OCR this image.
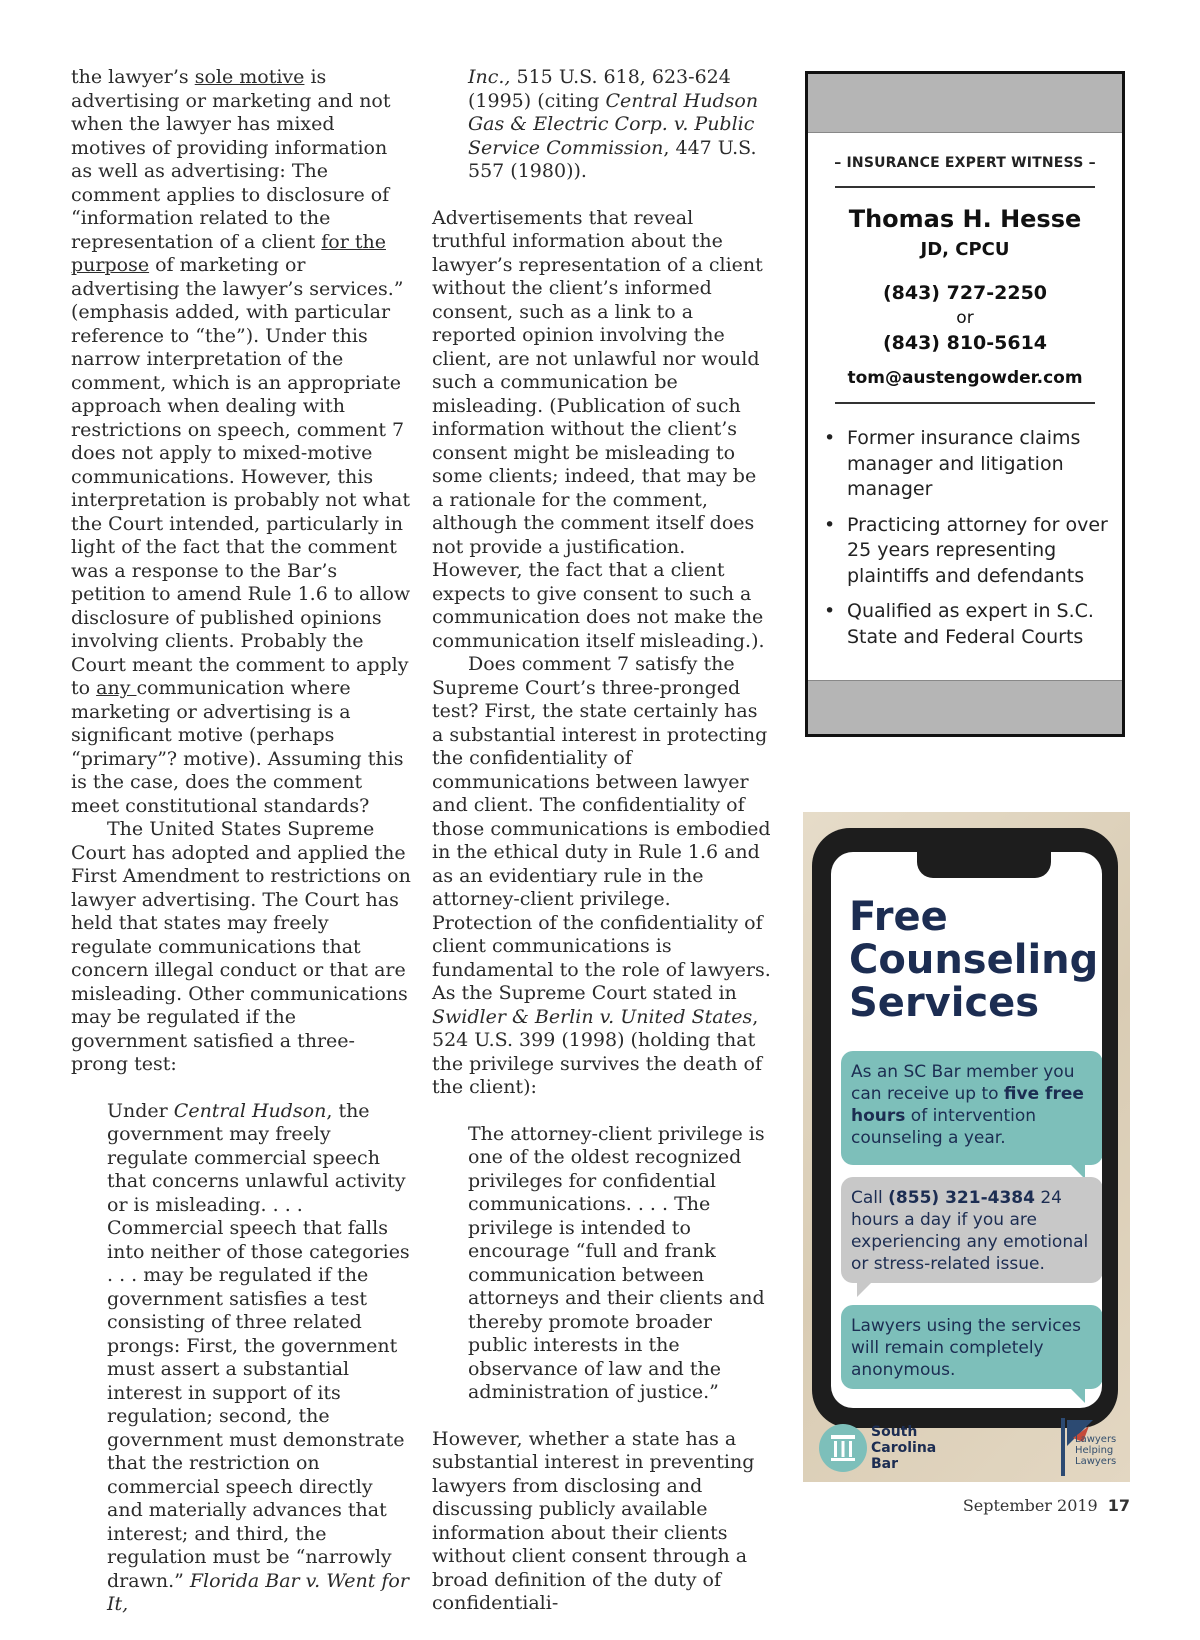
the lawyer’s sole motive is advertising or marketing and not when the lawyer has mixed motives of providing information as well as advertising: The comment applies to disclosure of “information related to the representation of a client for the purpose of marketing or advertising the lawyer’s services.” (emphasis added, with particular reference to “the”). Under this narrow interpretation of the comment, which is an appropriate approach when dealing with restrictions on speech, comment 7 does not apply to mixed-motive communications. However, this interpretation is probably not what the Court intended, particularly in light of the fact that the comment was a response to the Bar’s petition to amend Rule 1.6 to allow disclosure of published opinions involving clients. Probably the Court meant the comment to apply to any communication where marketing or advertising is a significant motive (perhaps “primary”? motive). Assuming this is the case, does the comment meet constitutional standards?

The United States Supreme Court has adopted and applied the First Amendment to restrictions on lawyer advertising. The Court has held that states may freely regulate communications that concern illegal conduct or that are misleading. Other communications may be regulated if the government satisfied a three-prong test:

Under Central Hudson, the government may freely regulate commercial speech that concerns unlawful activity or is misleading. . . . Commercial speech that falls into neither of those categories . . . may be regulated if the government satisfies a test consisting of three related prongs: First, the government must assert a substantial interest in support of its regulation; second, the government must demonstrate that the restriction on commercial speech directly and materially advances that interest; and third, the regulation must be “narrowly drawn.” Florida Bar v. Went for It,

Inc., 515 U.S. 618, 623-624 (1995) (citing Central Hudson Gas & Electric Corp. v. Public Service Commission, 447 U.S. 557 (1980)).

Advertisements that reveal truthful information about the lawyer’s representation of a client without the client’s informed consent, such as a link to a reported opinion involving the client, are not unlawful nor would such a communication be misleading. (Publication of such information without the client’s consent might be misleading to some clients; indeed, that may be a rationale for the comment, although the comment itself does not provide a justification. However, the fact that a client expects to give consent to such a communication does not make the communication itself misleading.).

Does comment 7 satisfy the Supreme Court’s three-pronged test? First, the state certainly has a substantial interest in protecting the confidentiality of communications between lawyer and client. The confidentiality of those communications is embodied in the ethical duty in Rule 1.6 and as an evidentiary rule in the attorney-client privilege. Protection of the confidentiality of client communications is fundamental to the role of lawyers. As the Supreme Court stated in Swidler & Berlin v. United States, 524 U.S. 399 (1998) (holding that the privilege survives the death of the client):

The attorney-client privilege is one of the oldest recognized privileges for confidential communications. . . . The privilege is intended to encourage “full and frank communication between attorneys and their clients and thereby promote broader public interests in the observance of law and the administration of justice.”

However, whether a state has a substantial interest in preventing lawyers from disclosing and discussing publicly available information about their clients without client consent through a broad definition of the duty of confidentiali-

– INSURANCE EXPERT WITNESS –
Thomas H. Hesse
JD, CPCU
(843) 727-2250
or
(843) 810-5614
tom@austengowder.com
• Former insurance claims manager and litigation manager
• Practicing attorney for over 25 years representing plaintiffs and defendants
• Qualified as expert in S.C. State and Federal Courts
Free
Counseling
Services
As an SC Bar member you can receive up to five free hours of intervention counseling a year.
Call (855) 321-4384 24 hours a day if you are experiencing any emotional or stress-related issue.
Lawyers using the services will remain completely anonymous.
South
Carolina
Bar
Lawyers
Helping
Lawyers
September 2019 17
